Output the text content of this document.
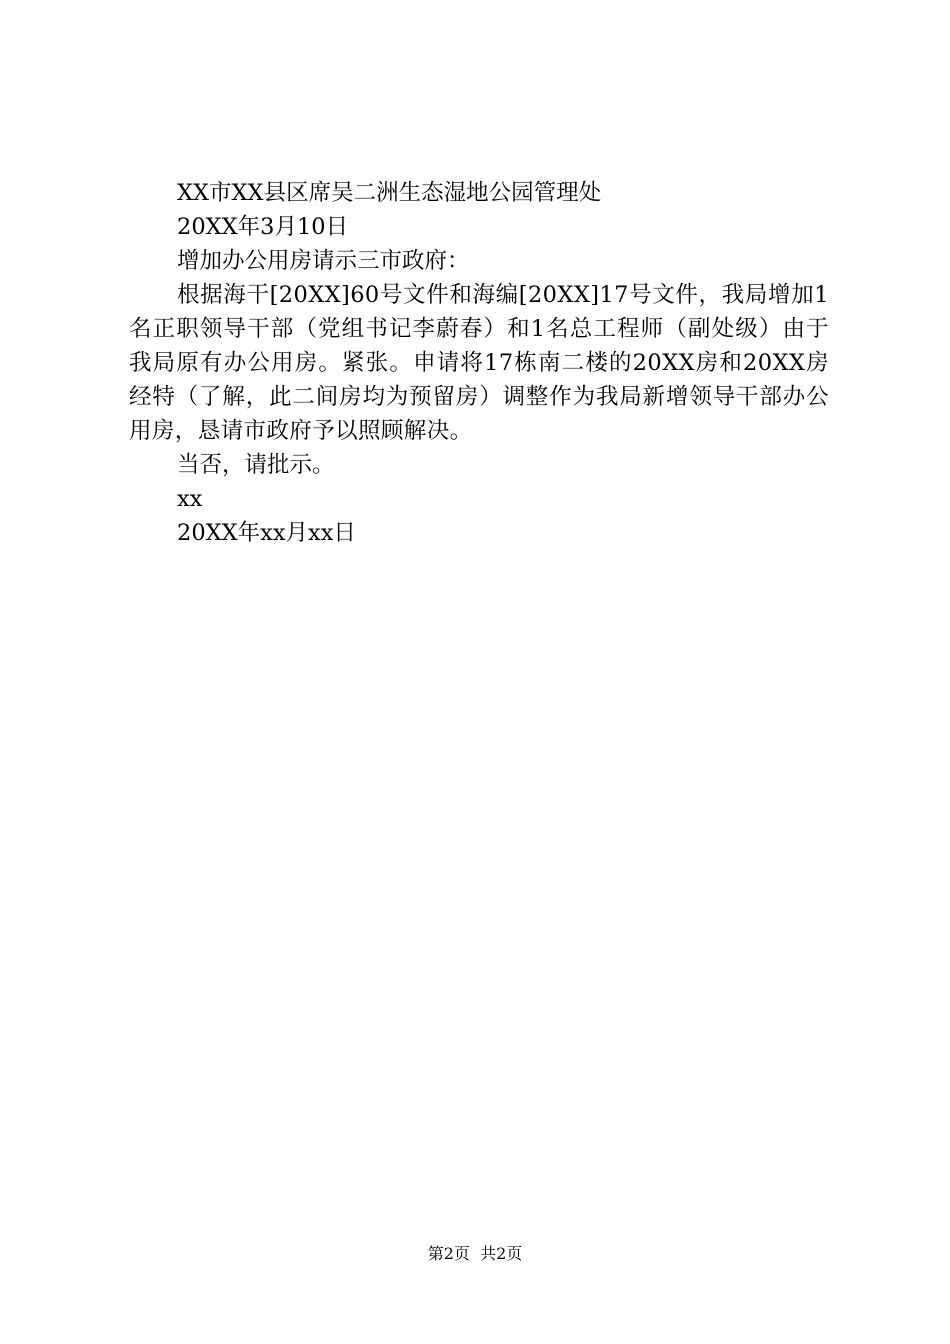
XX市XX县区席吴二洲生态湿地公园管理处
20XX年3月10日
增加办公用房请示三市政府：
根据海干[20XX]60号文件和海编[20XX]17号文件，我局增加1名正职领导干部（党组书记李蔚春）和1名总工程师（副处级）由于我局原有办公用房。紧张。申请将17栋南二楼的20XX房和20XX房经特（了解，此二间房均为预留房）调整作为我局新增领导干部办公用房，恳请市政府予以照顾解决。
当否，请批示。
xx
20XX年xx月xx日
第2页  共2页
